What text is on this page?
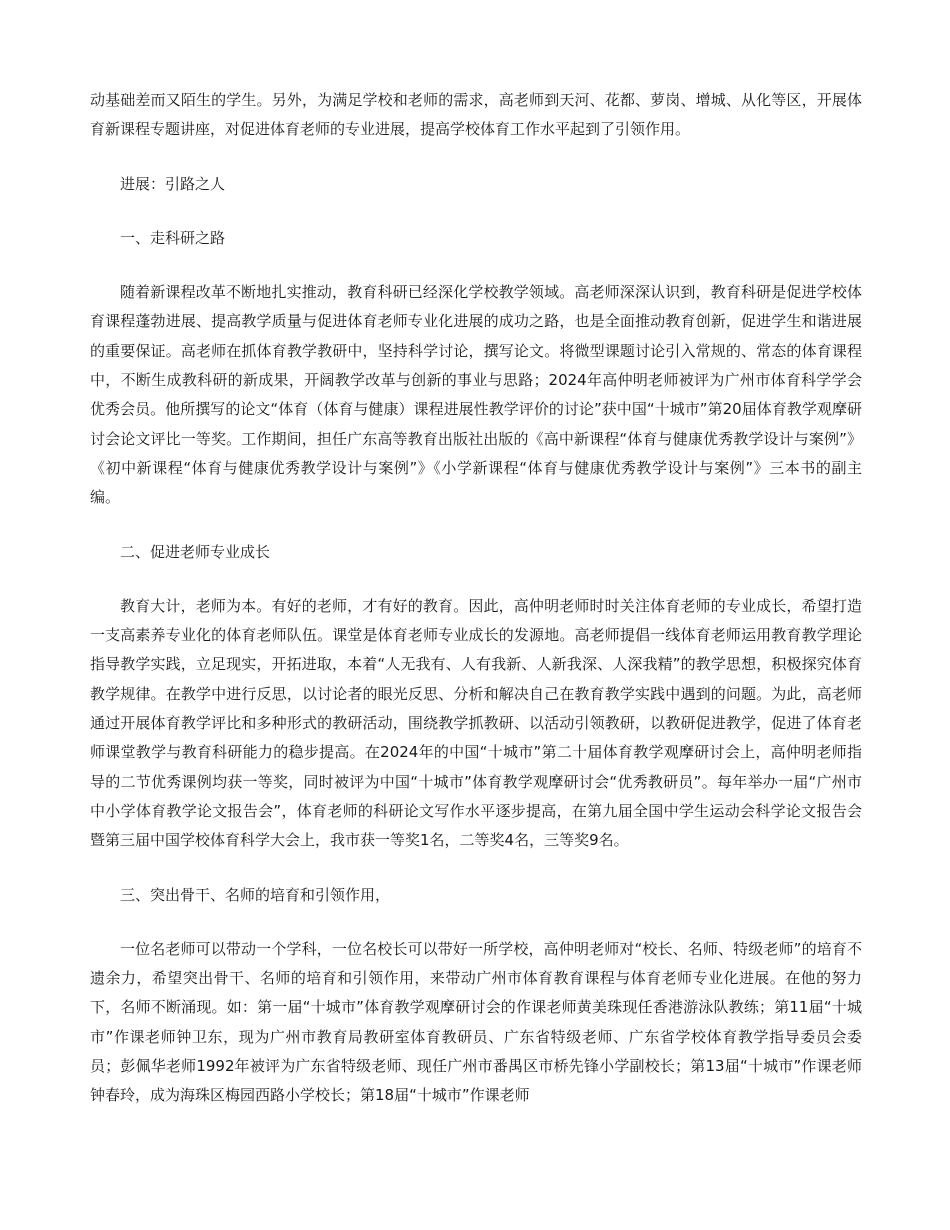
动基础差而又陌生的学生。另外，为满足学校和老师的需求，高老师到天河、花都、萝岗、增城、从化等区，开展体育新课程专题讲座，对促进体育老师的专业进展，提高学校体育工作水平起到了引领作用。

进展：引路之人

一、走科研之路

随着新课程改革不断地扎实推动，教育科研已经深化学校教学领域。高老师深深认识到，教育科研是促进学校体育课程蓬勃进展、提高教学质量与促进体育老师专业化进展的成功之路，也是全面推动教育创新，促进学生和谐进展的重要保证。高老师在抓体育教学教研中，坚持科学讨论，撰写论文。将微型课题讨论引入常规的、常态的体育课程中，不断生成教科研的新成果，开阔教学改革与创新的事业与思路；2024年高仲明老师被评为广州市体育科学学会优秀会员。他所撰写的论文“体育（体育与健康）课程进展性教学评价的讨论”获中国“十城市”第20届体育教学观摩研讨会论文评比一等奖。工作期间，担任广东高等教育出版社出版的《高中新课程“体育与健康优秀教学设计与案例”》《初中新课程“体育与健康优秀教学设计与案例”》《小学新课程“体育与健康优秀教学设计与案例”》三本书的副主编。

二、促进老师专业成长

教育大计，老师为本。有好的老师，才有好的教育。因此，高仲明老师时时关注体育老师的专业成长，希望打造一支高素养专业化的体育老师队伍。课堂是体育老师专业成长的发源地。高老师提倡一线体育老师运用教育教学理论指导教学实践，立足现实，开拓进取，本着“人无我有、人有我新、人新我深、人深我精”的教学思想，积极探究体育教学规律。在教学中进行反思，以讨论者的眼光反思、分析和解决自己在教育教学实践中遇到的问题。为此，高老师通过开展体育教学评比和多种形式的教研活动，围绕教学抓教研、以活动引领教研，以教研促进教学，促进了体育老师课堂教学与教育科研能力的稳步提高。在2024年的中国“十城市”第二十届体育教学观摩研讨会上，高仲明老师指导的二节优秀课例均获一等奖，同时被评为中国“十城市”体育教学观摩研讨会“优秀教研员”。每年举办一届“广州市中小学体育教学论文报告会”，体育老师的科研论文写作水平逐步提高，在第九届全国中学生运动会科学论文报告会暨第三届中国学校体育科学大会上，我市获一等奖1名，二等奖4名，三等奖9名。

三、突出骨干、名师的培育和引领作用，

一位名老师可以带动一个学科，一位名校长可以带好一所学校，高仲明老师对“校长、名师、特级老师”的培育不遗余力，希望突出骨干、名师的培育和引领作用，来带动广州市体育教育课程与体育老师专业化进展。在他的努力下，名师不断涌现。如：第一届“十城市”体育教学观摩研讨会的作课老师黄美珠现任香港游泳队教练；第11届“十城市”作课老师钟卫东，现为广州市教育局教研室体育教研员、广东省特级老师、广东省学校体育教学指导委员会委员；彭佩华老师1992年被评为广东省特级老师、现任广州市番禺区市桥先锋小学副校长；第13届“十城市”作课老师钟春玲，成为海珠区梅园西路小学校长；第18届“十城市”作课老师
